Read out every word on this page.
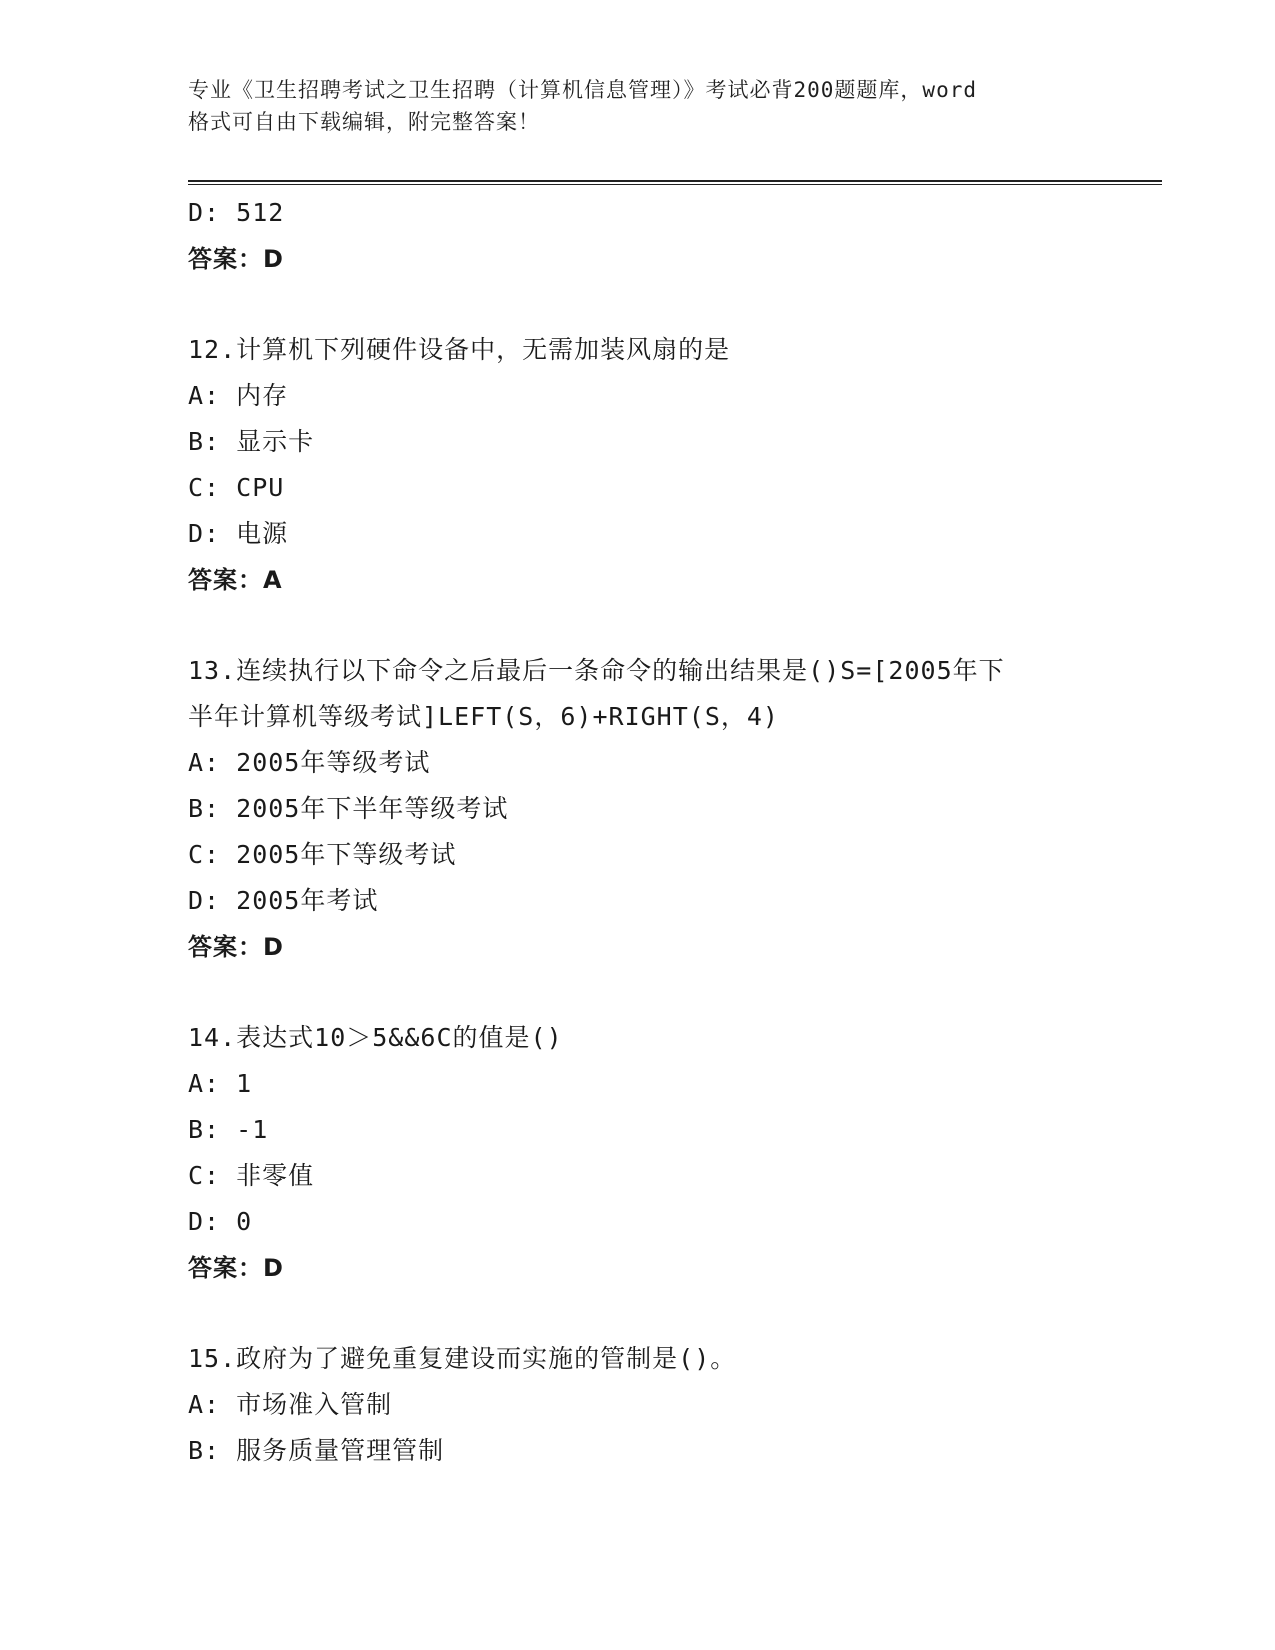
专业《卫生招聘考试之卫生招聘（计算机信息管理）》考试必背200题题库，word
格式可自由下载编辑，附完整答案！
D: 512
答案：D
12.计算机下列硬件设备中，无需加装风扇的是
A: 内存
B: 显示卡
C: CPU
D: 电源
答案：A
13.连续执行以下命令之后最后一条命令的输出结果是()S=[2005年下
半年计算机等级考试]LEFT(S，6)+RIGHT(S，4)
A: 2005年等级考试
B: 2005年下半年等级考试
C: 2005年下等级考试
D: 2005年考试
答案：D
14.表达式10＞5&&6C的值是()
A: 1
B: -1
C: 非零值
D: 0
答案：D
15.政府为了避免重复建设而实施的管制是()。
A: 市场准入管制
B: 服务质量管理管制
